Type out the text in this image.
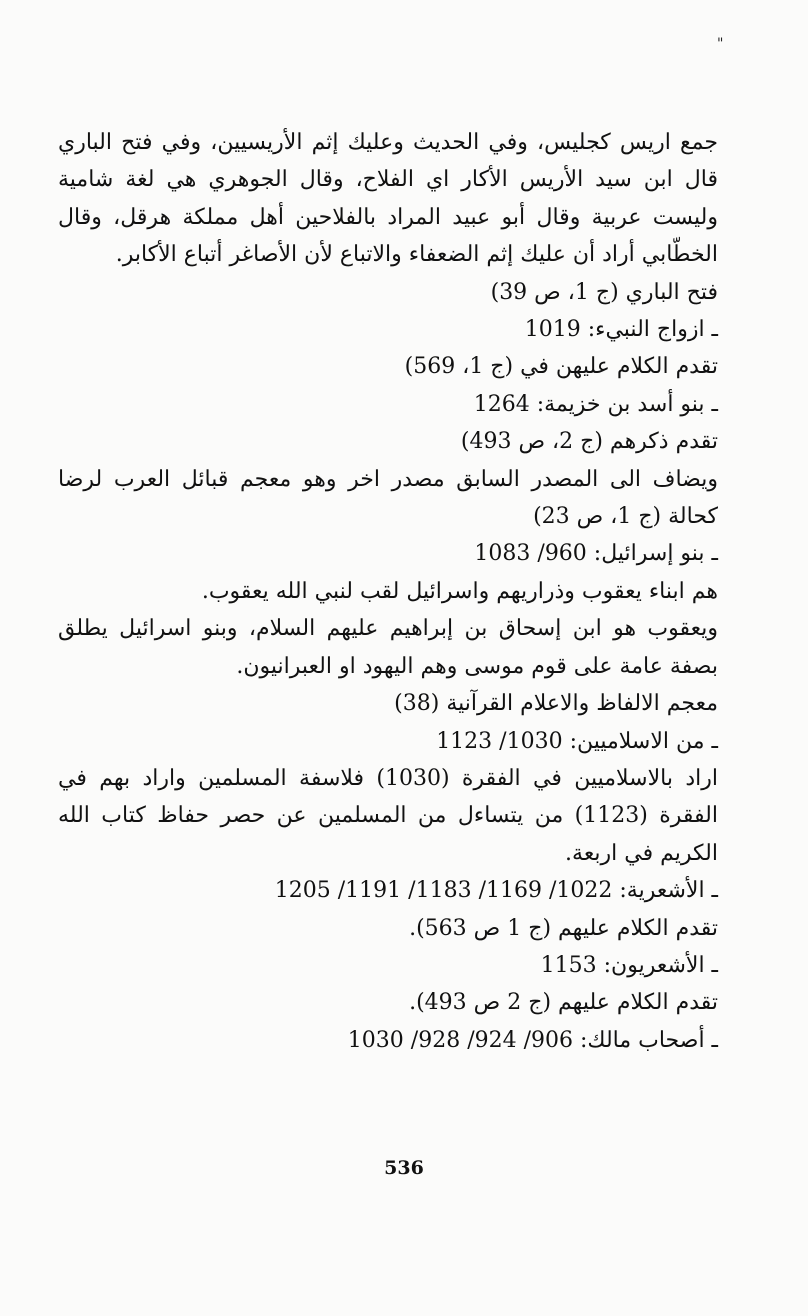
"

جمع اريس كجليس، وفي الحديث وعليك إثم الأريسيين، وفي فتح الباري قال ابن سيد الأريس الأكار اي الفلاح، وقال الجوهري هي لغة شامية وليست عربية وقال أبو عبيد المراد بالفلاحين أهل مملكة هرقل، وقال الخطّابي أراد أن عليك إثم الضعفاء والاتباع لأن الأصاغر أتباع الأكابر.

فتح الباري (ج 1، ص 39)

ـ ازواج النبيء: 1019

تقدم الكلام عليهن في (ج 1، 569)

ـ بنو أسد بن خزيمة: 1264

تقدم ذكرهم (ج 2، ص 493)

ويضاف الى المصدر السابق مصدر اخر وهو معجم قبائل العرب لرضا كحالة (ج 1، ص 23)

ـ بنو إسرائيل: 960/ 1083

هم ابناء يعقوب وذراريهم واسرائيل لقب لنبي الله يعقوب.

ويعقوب هو ابن إسحاق بن إبراهيم عليهم السلام، وبنو اسرائيل يطلق بصفة عامة على قوم موسى وهم اليهود او العبرانيون.

معجم الالفاظ والاعلام القرآنية (38)

ـ من الاسلاميين: 1030/ 1123

اراد بالاسلاميين في الفقرة (1030) فلاسفة المسلمين واراد بهم في الفقرة (1123) من يتساءل من المسلمين عن حصر حفاظ كتاب الله الكريم في اربعة.

ـ الأشعرية: 1022/ 1169/ 1183/ 1191/ 1205

تقدم الكلام عليهم (ج 1 ص 563).

ـ الأشعريون: 1153

تقدم الكلام عليهم (ج 2 ص 493).

ـ أصحاب مالك: 906/ 924/ 928/ 1030

536
